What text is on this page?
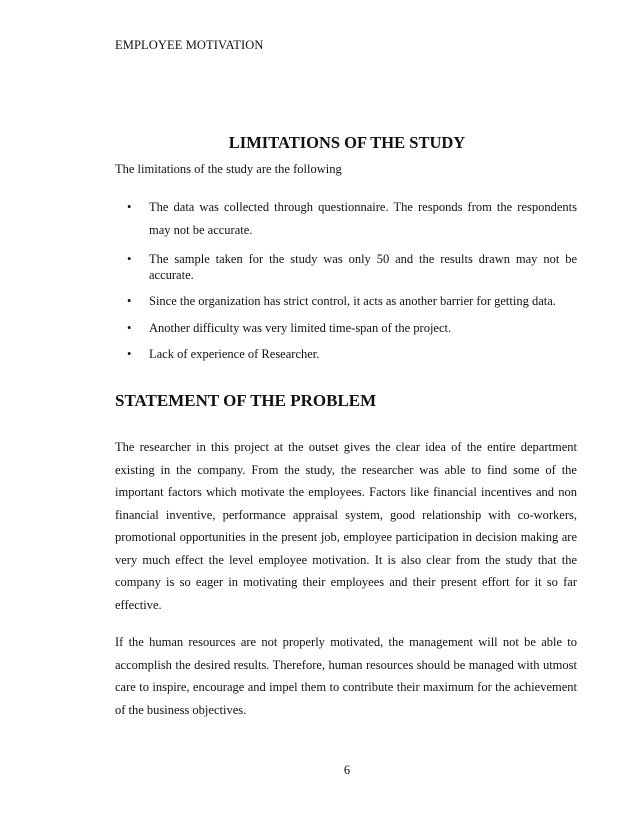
EMPLOYEE MOTIVATION
LIMITATIONS OF THE STUDY
The limitations of the study are the following
• The data was collected through questionnaire. The responds from the respondents may not be accurate.
• The sample taken for the study was only 50 and the results drawn may not be accurate.
• Since the organization has strict control, it acts as another barrier for getting data.
• Another difficulty was very limited time-span of the project.
• Lack of experience of Researcher.
STATEMENT OF THE PROBLEM

The researcher in this project at the outset gives the clear idea of the entire department existing in the company. From the study, the researcher was able to find some of the important factors which motivate the employees. Factors like financial incentives and non financial inventive, performance appraisal system, good relationship with co-workers, promotional opportunities in the present job, employee participation in decision making are very much effect the level employee motivation. It is also clear from the study that the company is so eager in motivating their employees and their present effort for it so far effective.

If the human resources are not properly motivated, the management will not be able to accomplish the desired results. Therefore, human resources should be managed with utmost care to inspire, encourage and impel them to contribute their maximum for the achievement of the business objectives.

6
